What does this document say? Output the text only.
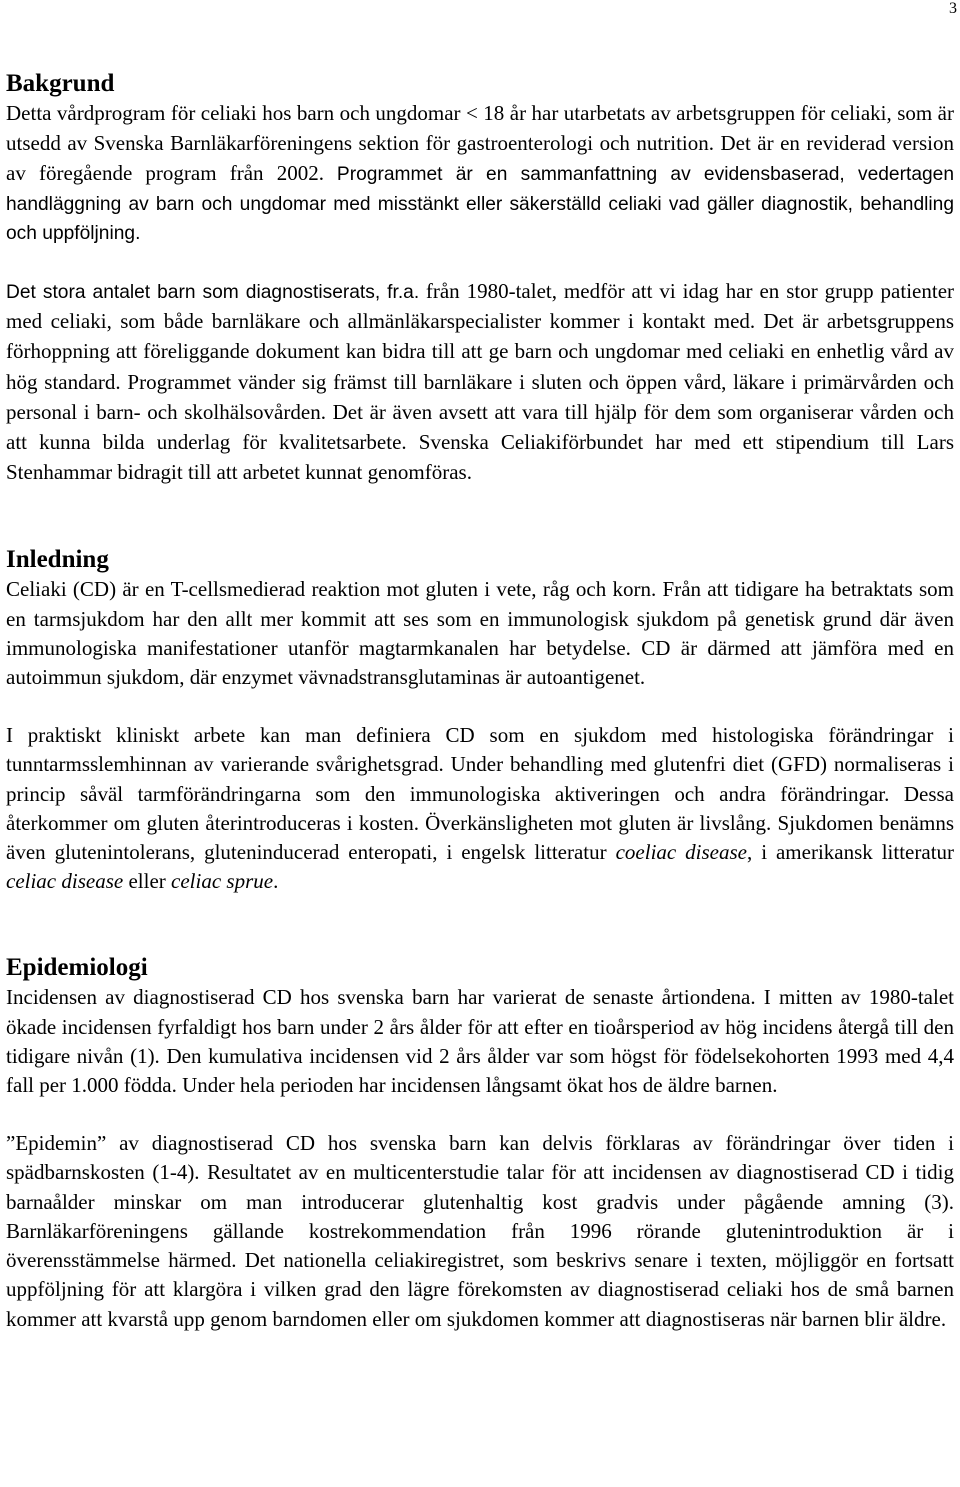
3
Bakgrund

Detta vårdprogram för celiaki hos barn och ungdomar < 18 år har utarbetats av arbetsgruppen för celiaki, som är utsedd av Svenska Barnläkarföreningens sektion för gastroenterologi och nutrition. Det är en reviderad version av föregående program från 2002. Programmet är en sammanfattning av evidensbaserad, vedertagen handläggning av barn och ungdomar med misstänkt eller säkerställd celiaki vad gäller diagnostik, behandling och uppföljning.

Det stora antalet barn som diagnostiserats, fr.a. från 1980-talet, medför att vi idag har en stor grupp patienter med celiaki, som både barnläkare och allmänläkarspecialister kommer i kontakt med. Det är arbetsgruppens förhoppning att föreliggande dokument kan bidra till att ge barn och ungdomar med celiaki en enhetlig vård av hög standard. Programmet vänder sig främst till barnläkare i sluten och öppen vård, läkare i primärvården och personal i barn- och skolhälsovården. Det är även avsett att vara till hjälp för dem som organiserar vården och att kunna bilda underlag för kvalitetsarbete. Svenska Celiakiförbundet har med ett stipendium till Lars Stenhammar bidragit till att arbetet kunnat genomföras.

Inledning

Celiaki (CD) är en T-cellsmedierad reaktion mot gluten i vete, råg och korn. Från att tidigare ha betraktats som en tarmsjukdom har den allt mer kommit att ses som en immunologisk sjukdom på genetisk grund där även immunologiska manifestationer utanför magtarmkanalen har betydelse. CD är därmed att jämföra med en autoimmun sjukdom, där enzymet vävnadstransglutaminas är autoantigenet.

I praktiskt kliniskt arbete kan man definiera CD som en sjukdom med histologiska förändringar i tunntarmsslemhinnan av varierande svårighetsgrad. Under behandling med glutenfri diet (GFD) normaliseras i princip såväl tarmförändringarna som den immunologiska aktiveringen och andra förändringar. Dessa återkommer om gluten återintroduceras i kosten. Överkänsligheten mot gluten är livslång. Sjukdomen benämns även glutenintolerans, gluteninducerad enteropati, i engelsk litteratur coeliac disease, i amerikansk litteratur celiac disease eller celiac sprue.

Epidemiologi

Incidensen av diagnostiserad CD hos svenska barn har varierat de senaste årtiondena. I mitten av 1980-talet ökade incidensen fyrfaldigt hos barn under 2 års ålder för att efter en tioårsperiod av hög incidens återgå till den tidigare nivån (1). Den kumulativa incidensen vid 2 års ålder var som högst för födelsekohorten 1993 med 4,4 fall per 1.000 födda. Under hela perioden har incidensen långsamt ökat hos de äldre barnen.

”Epidemin” av diagnostiserad CD hos svenska barn kan delvis förklaras av förändringar över tiden i spädbarnskosten (1-4). Resultatet av en multicenterstudie talar för att incidensen av diagnostiserad CD i tidig barnaålder minskar om man introducerar glutenhaltig kost gradvis under pågående amning (3). Barnläkarföreningens gällande kostrekommendation från 1996 rörande glutenintroduktion är i överensstämmelse härmed. Det nationella celiakiregistret, som beskrivs senare i texten, möjliggör en fortsatt uppföljning för att klargöra i vilken grad den lägre förekomsten av diagnostiserad celiaki hos de små barnen kommer att kvarstå upp genom barndomen eller om sjukdomen kommer att diagnostiseras när barnen blir äldre.
